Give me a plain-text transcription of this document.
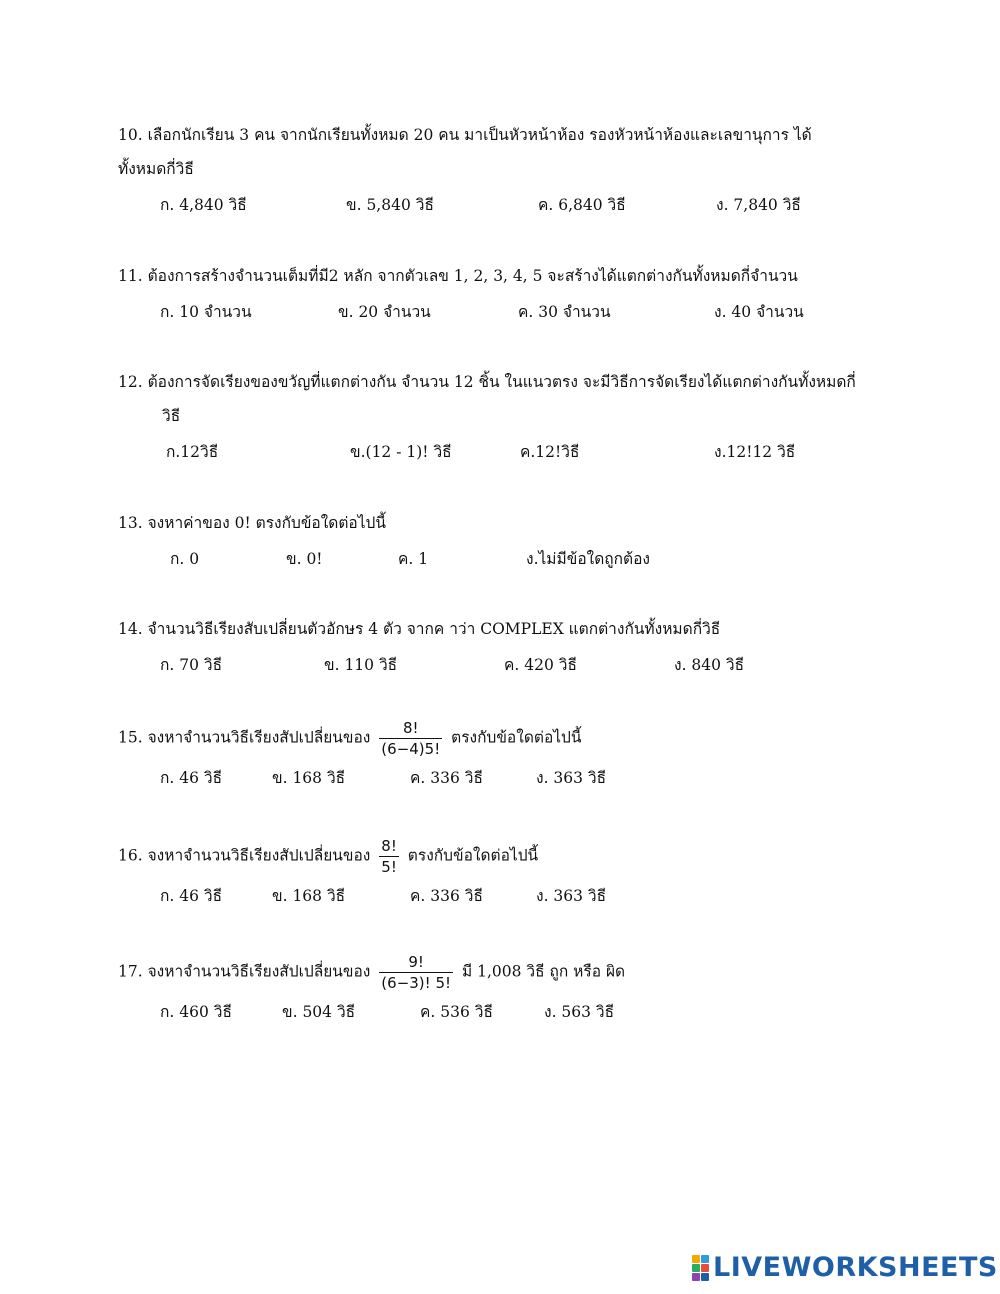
10. เลือกนักเรียน 3 คน จากนักเรียนทั้งหมด 20 คน มาเป็นหัวหน้าห้อง รองหัวหน้าห้องและเลขานุการ ได้
ทั้งหมดกี่วิธี
ก. 4,840 วิธี	ข. 5,840 วิธี	ค. 6,840 วิธี	ง. 7,840 วิธี
11. ต้องการสร้างจำนวนเต็มที่มี2 หลัก จากตัวเลข 1, 2, 3, 4, 5 จะสร้างได้แตกต่างกันทั้งหมดกี่จำนวน
ก. 10 จำนวน	ข. 20 จำนวน	ค. 30 จำนวน	ง. 40 จำนวน
12. ต้องการจัดเรียงของขวัญที่แตกต่างกัน จำนวน 12 ชิ้น ในแนวตรง จะมีวิธีการจัดเรียงได้แตกต่างกันทั้งหมดกี่
วิธี
ก.12วิธี	ข.(12 - 1)! วิธี	ค.12!วิธี	ง.12!12 วิธี
13. จงหาค่าของ 0! ตรงกับข้อใดต่อไปนี้
ก. 0	ข. 0!	ค. 1	ง.ไม่มีข้อใดถูกต้อง
14. จำนวนวิธีเรียงสับเปลี่ยนตัวอักษร 4 ตัว จากค าว่า COMPLEX แตกต่างกันทั้งหมดกี่วิธี
ก. 70 วิธี	ข. 110 วิธี	ค. 420 วิธี	ง. 840 วิธี
15. จงหาจำนวนวิธีเรียงสัปเปลี่ยนของ $\frac{8!}{(6-4)5!}$ ตรงกับข้อใดต่อไปนี้
ก. 46 วิธี	ข. 168 วิธี	ค. 336 วิธี	ง. 363 วิธี
16. จงหาจำนวนวิธีเรียงสัปเปลี่ยนของ $\frac{8!}{5!}$ ตรงกับข้อใดต่อไปนี้
ก. 46 วิธี	ข. 168 วิธี	ค. 336 วิธี	ง. 363 วิธี
17. จงหาจำนวนวิธีเรียงสัปเปลี่ยนของ $\frac{9!}{(6-3)! 5!}$ มี 1,008 วิธี ถูก หรือ ผิด
ก. 460 วิธี	ข. 504 วิธี	ค. 536 วิธี	ง. 563 วิธี
LIVEWORKSHEETS
